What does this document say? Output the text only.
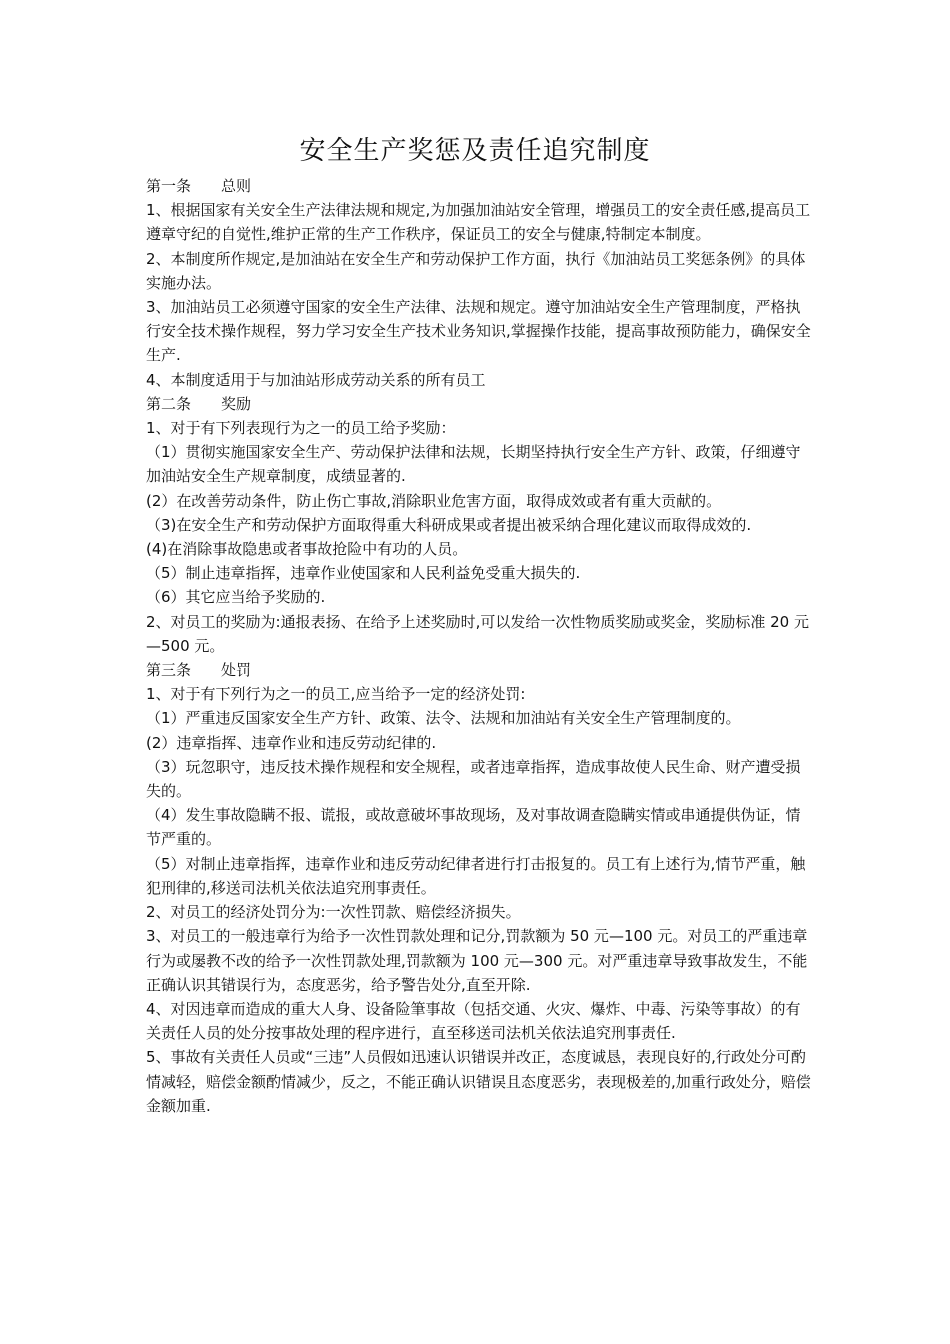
安全生产奖惩及责任追究制度

第一条 总则

1、根据国家有关安全生产法律法规和规定,为加强加油站安全管理，增强员工的安全责任感,提高员工遵章守纪的自觉性,维护正常的生产工作秩序，保证员工的安全与健康,特制定本制度。

2、本制度所作规定,是加油站在安全生产和劳动保护工作方面，执行《加油站员工奖惩条例》的具体实施办法。

3、加油站员工必须遵守国家的安全生产法律、法规和规定。遵守加油站安全生产管理制度，严格执行安全技术操作规程，努力学习安全生产技术业务知识,掌握操作技能，提高事故预防能力，确保安全生产.

4、本制度适用于与加油站形成劳动关系的所有员工

第二条 奖励

1、对于有下列表现行为之一的员工给予奖励：

（1）贯彻实施国家安全生产、劳动保护法律和法规，长期坚持执行安全生产方针、政策，仔细遵守加油站安全生产规章制度，成绩显著的.

(2）在改善劳动条件，防止伤亡事故,消除职业危害方面，取得成效或者有重大贡献的。

（3)在安全生产和劳动保护方面取得重大科研成果或者提出被采纳合理化建议而取得成效的.

(4)在消除事故隐患或者事故抢险中有功的人员。

（5）制止违章指挥，违章作业使国家和人民利益免受重大损失的.

（6）其它应当给予奖励的.

2、对员工的奖励为:通报表扬、在给予上述奖励时,可以发给一次性物质奖励或奖金，奖励标准 20 元—500 元。

第三条 处罚

1、对于有下列行为之一的员工,应当给予一定的经济处罚:

（1）严重违反国家安全生产方针、政策、法令、法规和加油站有关安全生产管理制度的。

(2）违章指挥、违章作业和违反劳动纪律的.

（3）玩忽职守，违反技术操作规程和安全规程，或者违章指挥，造成事故使人民生命、财产遭受损失的。

（4）发生事故隐瞒不报、谎报，或故意破坏事故现场，及对事故调查隐瞒实情或串通提供伪证，情节严重的。

（5）对制止违章指挥，违章作业和违反劳动纪律者进行打击报复的。员工有上述行为,情节严重，触犯刑律的,移送司法机关依法追究刑事责任。

2、对员工的经济处罚分为:一次性罚款、赔偿经济损失。

3、对员工的一般违章行为给予一次性罚款处理和记分,罚款额为 50 元—100 元。对员工的严重违章行为或屡教不改的给予一次性罚款处理,罚款额为 100 元—300 元。对严重违章导致事故发生，不能正确认识其错误行为，态度恶劣，给予警告处分,直至开除.

4、对因违章而造成的重大人身、设备险筆事故（包括交通、火灾、爆炸、中毒、污染等事故）的有关责任人员的处分按事故处理的程序进行，直至移送司法机关依法追究刑事责任.

5、事故有关责任人员或“三违”人员假如迅速认识错误并改正，态度诚恳，表现良好的,行政处分可酌情减轻，赔偿金额酌情减少，反之，不能正确认识错误且态度恶劣，表现极差的,加重行政处分，赔偿金额加重.
